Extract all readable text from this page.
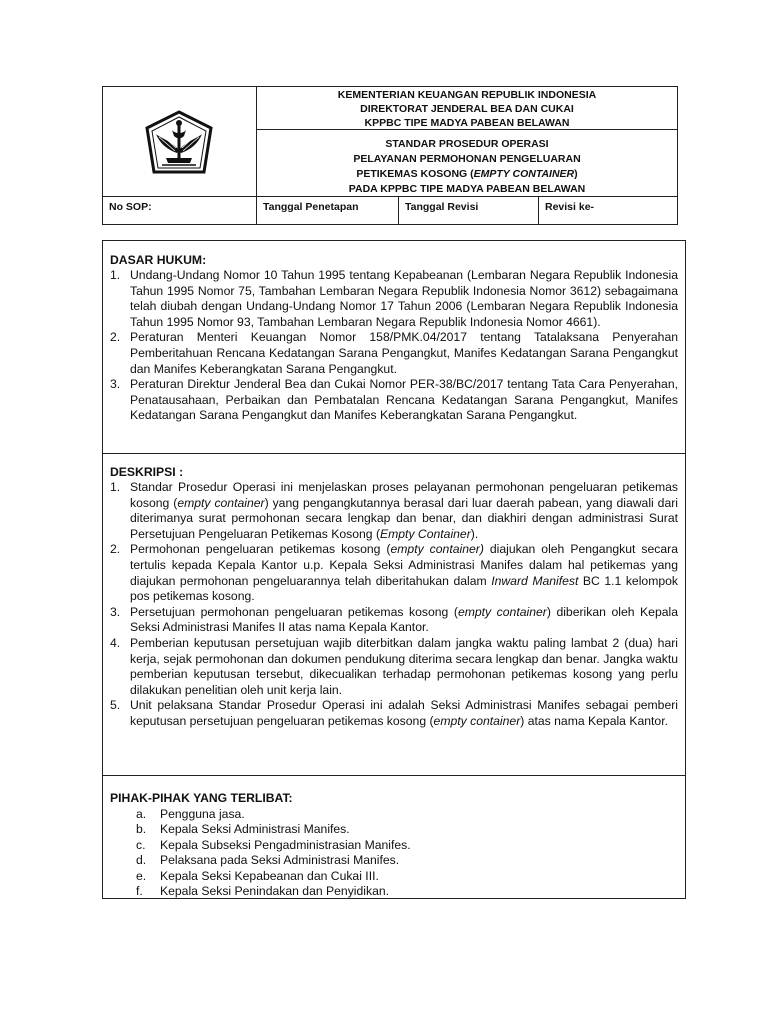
KEMENTERIAN KEUANGAN REPUBLIK INDONESIA
DIREKTORAT JENDERAL BEA DAN CUKAI
KPPBC TIPE MADYA PABEAN BELAWAN
STANDAR PROSEDUR OPERASI
PELAYANAN PERMOHONAN PENGELUARAN
PETIKEMAS KOSONG (EMPTY CONTAINER)
PADA KPPBC TIPE MADYA PABEAN BELAWAN
No SOP:	Tanggal Penetapan	Tanggal Revisi	Revisi ke-
DASAR HUKUM:
1. Undang-Undang Nomor 10 Tahun 1995 tentang Kepabeanan (Lembaran Negara Republik Indonesia Tahun 1995 Nomor 75, Tambahan Lembaran Negara Republik Indonesia Nomor 3612) sebagaimana telah diubah dengan Undang-Undang Nomor 17 Tahun 2006 (Lembaran Negara Republik Indonesia Tahun 1995 Nomor 93, Tambahan Lembaran Negara Republik Indonesia Nomor 4661).
2. Peraturan Menteri Keuangan Nomor 158/PMK.04/2017 tentang Tatalaksana Penyerahan Pemberitahuan Rencana Kedatangan Sarana Pengangkut, Manifes Kedatangan Sarana Pengangkut dan Manifes Keberangkatan Sarana Pengangkut.
3. Peraturan Direktur Jenderal Bea dan Cukai Nomor PER-38/BC/2017 tentang Tata Cara Penyerahan, Penatausahaan, Perbaikan dan Pembatalan Rencana Kedatangan Sarana Pengangkut, Manifes Kedatangan Sarana Pengangkut dan Manifes Keberangkatan Sarana Pengangkut.
DESKRIPSI :
1. Standar Prosedur Operasi ini menjelaskan proses pelayanan permohonan pengeluaran petikemas kosong (empty container) yang pengangkutannya berasal dari luar daerah pabean, yang diawali dari diterimanya surat permohonan secara lengkap dan benar, dan diakhiri dengan administrasi Surat Persetujuan Pengeluaran Petikemas Kosong (Empty Container).
2. Permohonan pengeluaran petikemas kosong (empty container) diajukan oleh Pengangkut secara tertulis kepada Kepala Kantor u.p. Kepala Seksi Administrasi Manifes dalam hal petikemas yang diajukan permohonan pengeluarannya telah diberitahukan dalam Inward Manifest BC 1.1 kelompok pos petikemas kosong.
3. Persetujuan permohonan pengeluaran petikemas kosong (empty container) diberikan oleh Kepala Seksi Administrasi Manifes II atas nama Kepala Kantor.
4. Pemberian keputusan persetujuan wajib diterbitkan dalam jangka waktu paling lambat 2 (dua) hari kerja, sejak permohonan dan dokumen pendukung diterima secara lengkap dan benar. Jangka waktu pemberian keputusan tersebut, dikecualikan terhadap permohonan petikemas kosong yang perlu dilakukan penelitian oleh unit kerja lain.
5. Unit pelaksana Standar Prosedur Operasi ini adalah Seksi Administrasi Manifes sebagai pemberi keputusan persetujuan pengeluaran petikemas kosong (empty container) atas nama Kepala Kantor.
PIHAK-PIHAK YANG TERLIBAT:
a. Pengguna jasa.
b. Kepala Seksi Administrasi Manifes.
c. Kepala Subseksi Pengadministrasian Manifes.
d. Pelaksana pada Seksi Administrasi Manifes.
e. Kepala Seksi Kepabeanan dan Cukai III.
f. Kepala Seksi Penindakan dan Penyidikan.
